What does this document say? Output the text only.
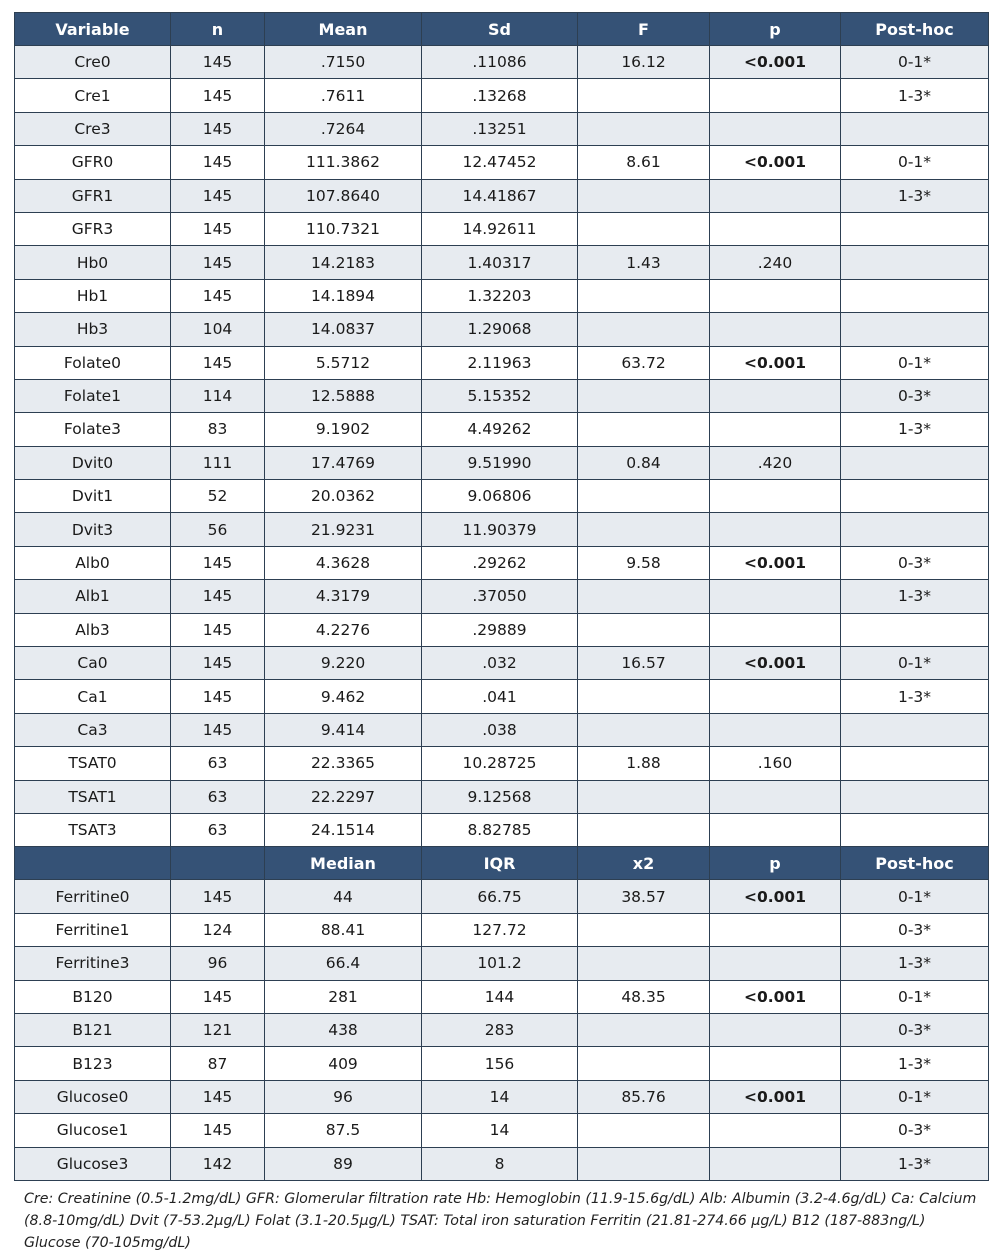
Variable	n	Mean	Sd	F	p	Post-hoc
Cre0	145	.7150	.11086	16.12	<0.001	0-1*
Cre1	145	.7611	.13268			1-3*
Cre3	145	.7264	.13251			
GFR0	145	111.3862	12.47452	8.61	<0.001	0-1*
GFR1	145	107.8640	14.41867			1-3*
GFR3	145	110.7321	14.92611			
Hb0	145	14.2183	1.40317	1.43	.240	
Hb1	145	14.1894	1.32203			
Hb3	104	14.0837	1.29068			
Folate0	145	5.5712	2.11963	63.72	<0.001	0-1*
Folate1	114	12.5888	5.15352			0-3*
Folate3	83	9.1902	4.49262			1-3*
Dvit0	111	17.4769	9.51990	0.84	.420	
Dvit1	52	20.0362	9.06806			
Dvit3	56	21.9231	11.90379			
Alb0	145	4.3628	.29262	9.58	<0.001	0-3*
Alb1	145	4.3179	.37050			1-3*
Alb3	145	4.2276	.29889			
Ca0	145	9.220	.032	16.57	<0.001	0-1*
Ca1	145	9.462	.041			1-3*
Ca3	145	9.414	.038			
TSAT0	63	22.3365	10.28725	1.88	.160	
TSAT1	63	22.2297	9.12568			
TSAT3	63	24.1514	8.82785			
		Median	IQR	x2	p	Post-hoc
Ferritine0	145	44	66.75	38.57	<0.001	0-1*
Ferritine1	124	88.41	127.72			0-3*
Ferritine3	96	66.4	101.2			1-3*
B120	145	281	144	48.35	<0.001	0-1*
B121	121	438	283			0-3*
B123	87	409	156			1-3*
Glucose0	145	96	14	85.76	<0.001	0-1*
Glucose1	145	87.5	14			0-3*
Glucose3	142	89	8			1-3*
Cre: Creatinine (0.5-1.2mg/dL) GFR: Glomerular filtration rate Hb: Hemoglobin (11.9-15.6g/dL) Alb: Albumin (3.2-4.6g/dL) Ca: Calcium (8.8-10mg/dL) Dvit (7-53.2µg/L) Folat (3.1-20.5µg/L) TSAT: Total iron saturation Ferritin (21.81-274.66 µg/L) B12 (187-883ng/L) Glucose (70-105mg/dL)
